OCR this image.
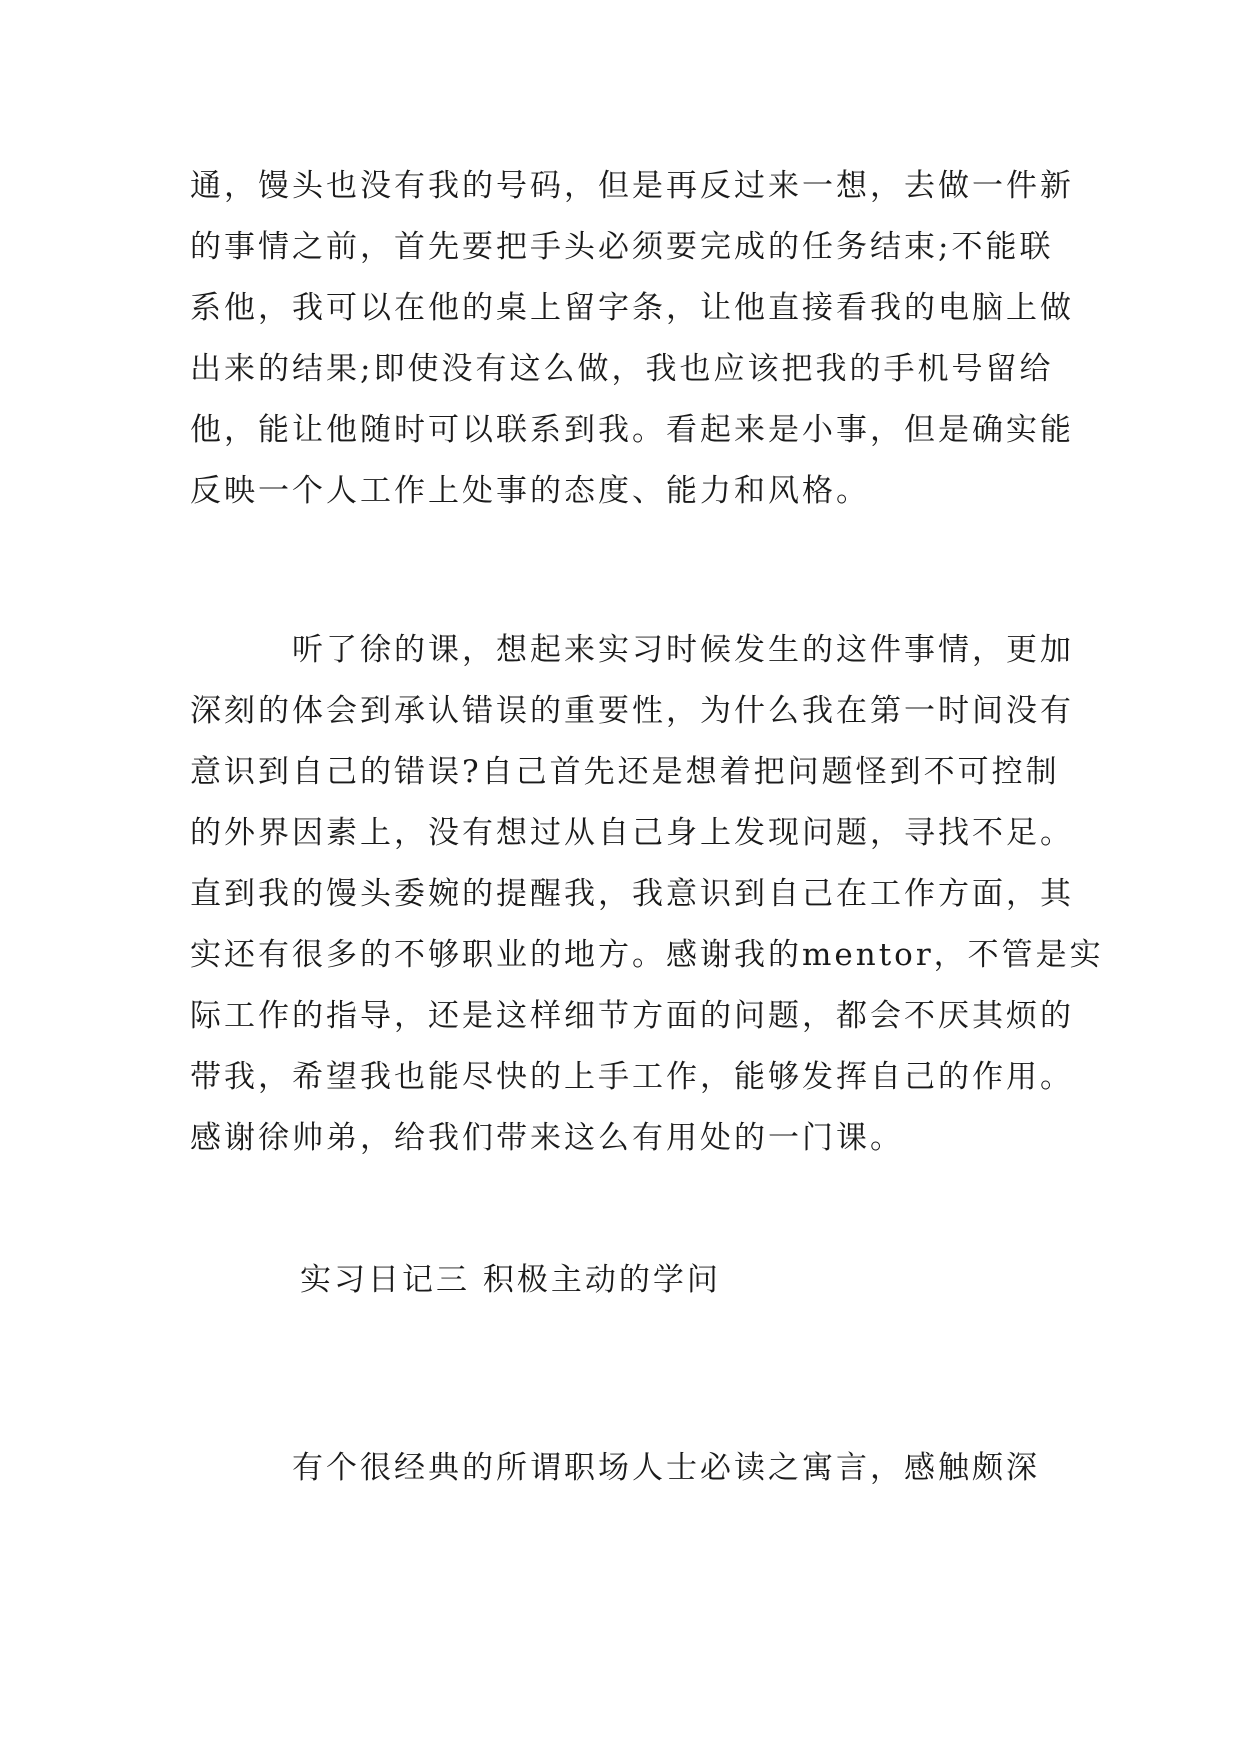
通，馒头也没有我的号码，但是再反过来一想，去做一件新
的事情之前，首先要把手头必须要完成的任务结束;不能联
系他，我可以在他的桌上留字条，让他直接看我的电脑上做
出来的结果;即使没有这么做，我也应该把我的手机号留给
他，能让他随时可以联系到我。看起来是小事，但是确实能
反映一个人工作上处事的态度、能力和风格。

　　　听了徐的课，想起来实习时候发生的这件事情，更加
深刻的体会到承认错误的重要性，为什么我在第一时间没有
意识到自己的错误?自己首先还是想着把问题怪到不可控制
的外界因素上，没有想过从自己身上发现问题，寻找不足。
直到我的馒头委婉的提醒我，我意识到自己在工作方面，其
实还有很多的不够职业的地方。感谢我的mentor，不管是实
际工作的指导，还是这样细节方面的问题，都会不厌其烦的
带我，希望我也能尽快的上手工作，能够发挥自己的作用。
感谢徐帅弟，给我们带来这么有用处的一门课。

实习日记三 积极主动的学问

　　　有个很经典的所谓职场人士必读之寓言，感触颇深
